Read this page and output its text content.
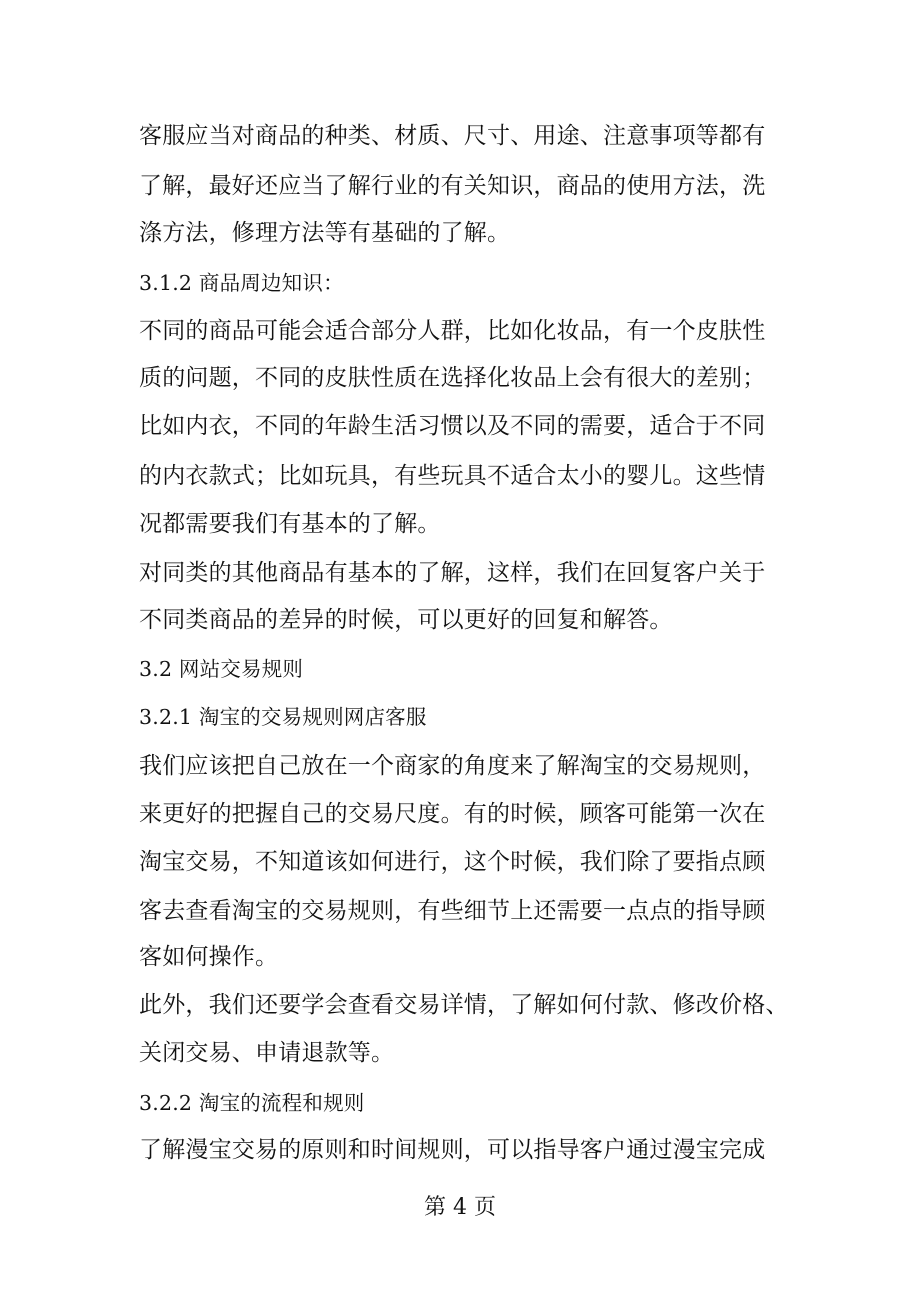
客服应当对商品的种类、材质、尺寸、用途、注意事项等都有
了解，最好还应当了解行业的有关知识，商品的使用方法，洗
涤方法，修理方法等有基础的了解。
3.1.2 商品周边知识：
不同的商品可能会适合部分人群，比如化妆品，有一个皮肤性
质的问题，不同的皮肤性质在选择化妆品上会有很大的差别；
比如内衣，不同的年龄生活习惯以及不同的需要，适合于不同
的内衣款式；比如玩具，有些玩具不适合太小的婴儿。这些情
况都需要我们有基本的了解。
对同类的其他商品有基本的了解，这样，我们在回复客户关于
不同类商品的差异的时候，可以更好的回复和解答。
3.2 网站交易规则
3.2.1 淘宝的交易规则网店客服
我们应该把自己放在一个商家的角度来了解淘宝的交易规则，
来更好的把握自己的交易尺度。有的时候，顾客可能第一次在
淘宝交易，不知道该如何进行，这个时候，我们除了要指点顾
客去查看淘宝的交易规则，有些细节上还需要一点点的指导顾
客如何操作。
此外，我们还要学会查看交易详情，了解如何付款、修改价格、
关闭交易、申请退款等。
3.2.2 淘宝的流程和规则
了解漫宝交易的原则和时间规则，可以指导客户通过漫宝完成
第 4 页
